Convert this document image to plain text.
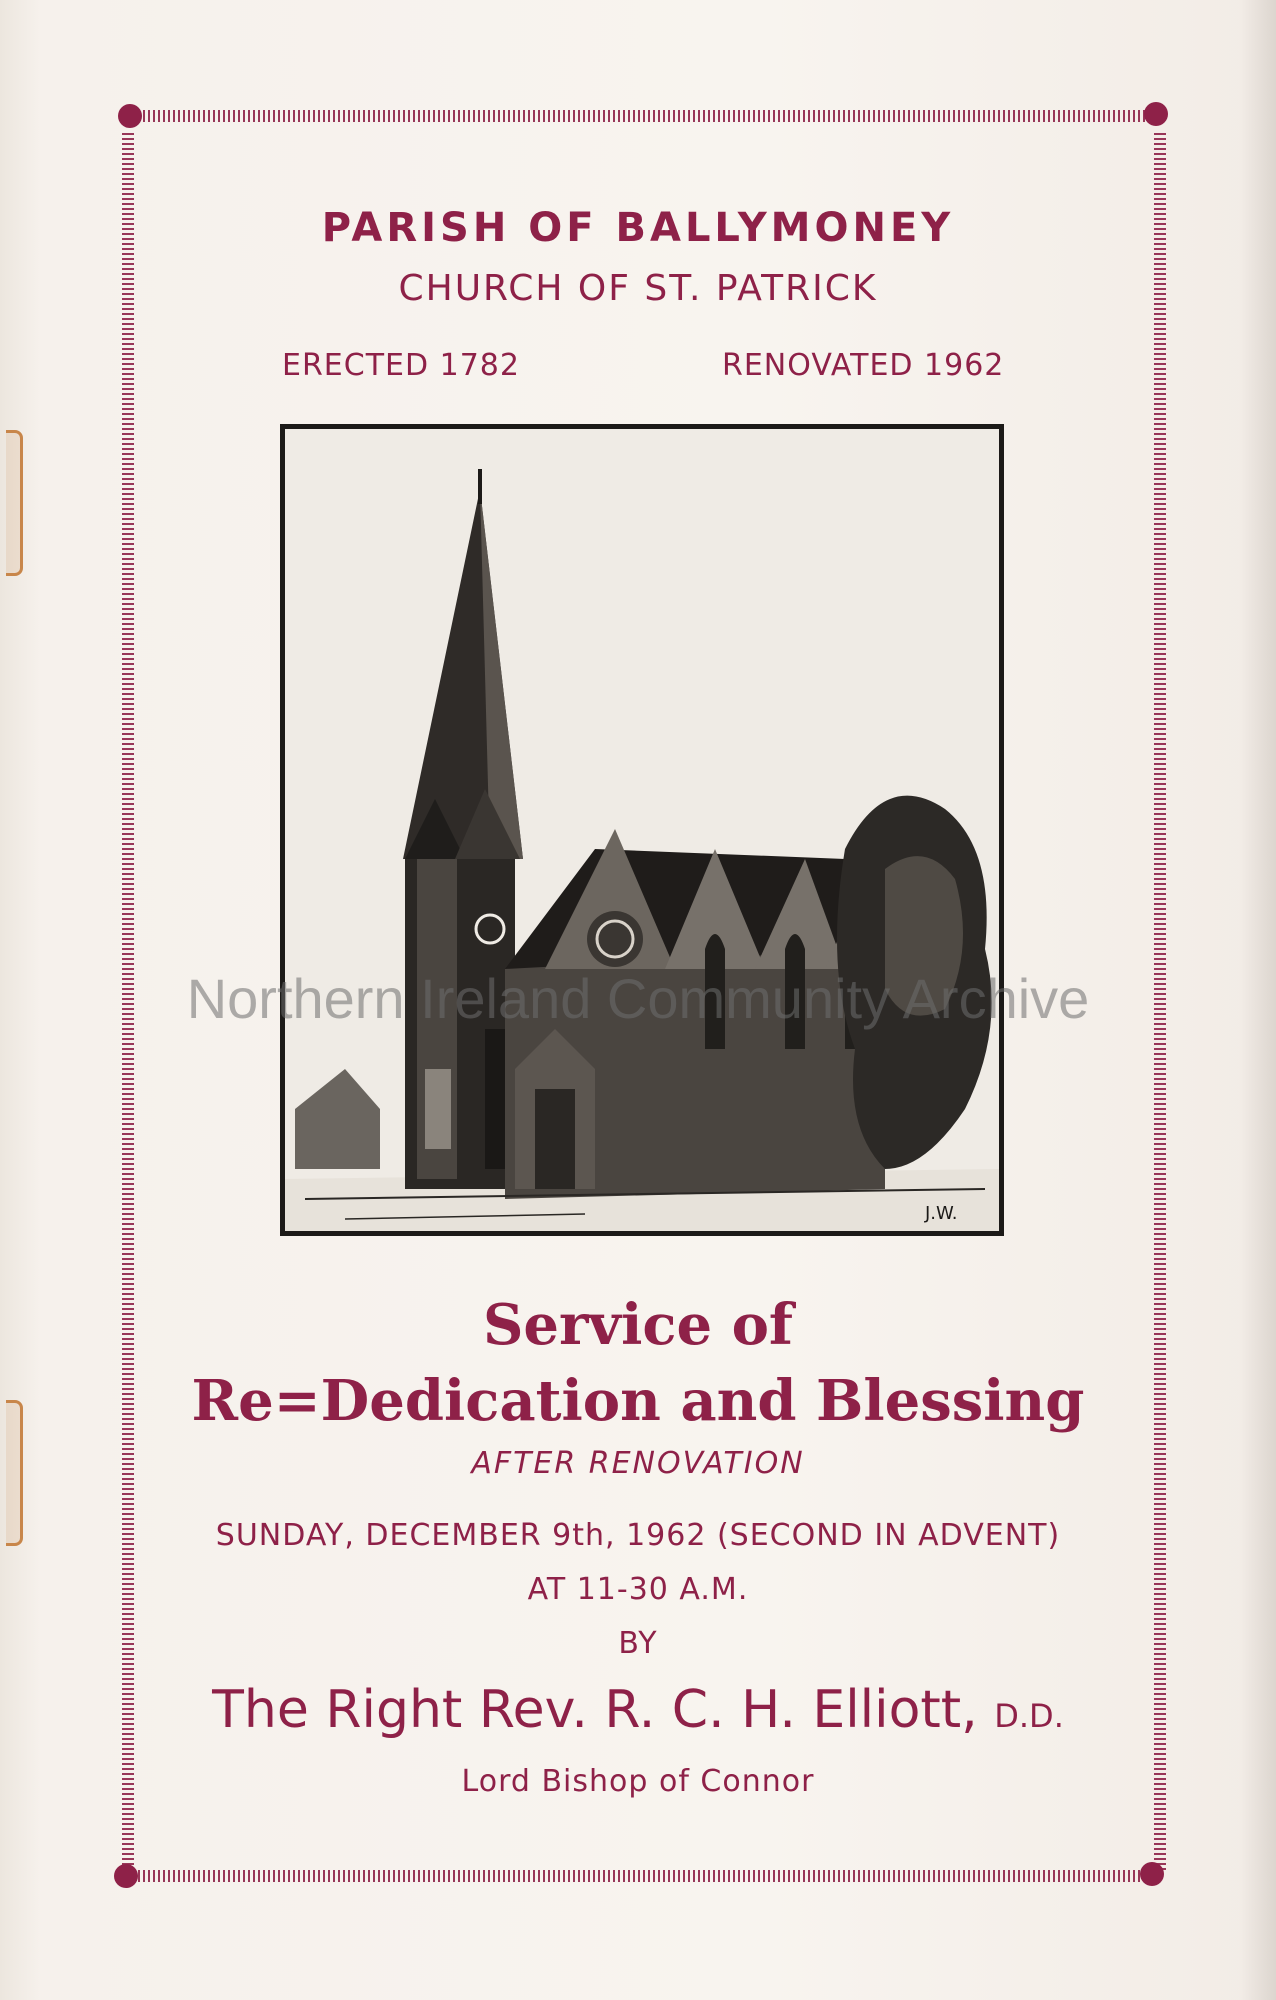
PARISH OF BALLYMONEY
CHURCH OF ST. PATRICK
ERECTED 1782	RENOVATED 1962
J.W.
Northern Ireland Community Archive
Service of
Re=Dedication and Blessing
AFTER RENOVATION
SUNDAY, DECEMBER 9th, 1962 (SECOND IN ADVENT)
AT 11-30 A.M.
BY
The Right Rev. R. C. H. Elliott, D.D.
Lord Bishop of Connor
